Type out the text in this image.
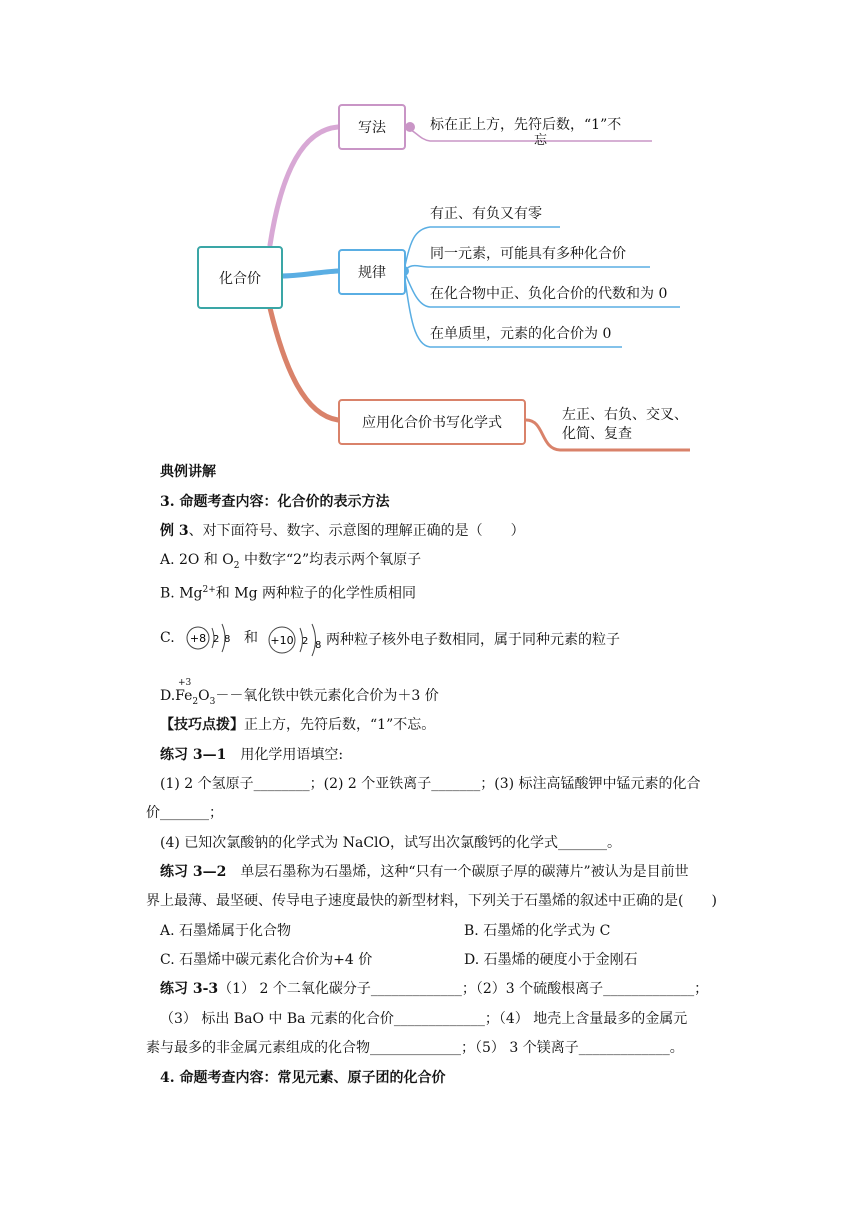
化合价
写法	标在正上方，先符后数，“1”不
忘
规律
有正、有负又有零
同一元素，可能具有多种化合价
在化合物中正、负化合价的代数和为 0
在单质里，元素的化合价为 0
应用化合价书写化学式	左正、右负、交叉、
化简、复查
典例讲解
3. 命题考查内容：化合价的表示方法
例 3、对下面符号、数字、示意图的理解正确的是（　　）
A. 2O 和 $O_2$ 中数字“2”均表示两个氧原子
B. $Mg^{2+}$和 Mg 两种粒子的化学性质相同
C. +8 2 8 和 +10 2 8 两种粒子核外电子数相同，属于同种元素的粒子
$D.Fe_2O_3--$氧化铁中铁元素化合价为＋3 价
+3
【技巧点拨】正上方，先符后数，“1”不忘。
练习 3—1　用化学用语填空:
(1) 2 个氢原子________；(2) 2 个亚铁离子_______；(3) 标注高锰酸钾中锰元素的化合
价_______；
(4) 已知次氯酸钠的化学式为 NaClO，试写出次氯酸钙的化学式_______。
练习 3—2　单层石墨称为石墨烯，这种“只有一个碳原子厚的碳薄片”被认为是目前世
界上最薄、最坚硬、传导电子速度最快的新型材料，下列关于石墨烯的叙述中正确的是(　　)
A. 石墨烯属于化合物	B. 石墨烯的化学式为 C
C. 石墨烯中碳元素化合价为+4 价	D. 石墨烯的硬度小于金刚石
练习 3-3（1） 2 个二氧化碳分子_____________；（2）3 个硫酸根离子_____________；
（3） 标出 BaO 中 Ba 元素的化合价_____________；（4） 地壳上含量最多的金属元
素与最多的非金属元素组成的化合物_____________；（5） 3 个镁离子_____________。
4. 命题考查内容：常见元素、原子团的化合价
